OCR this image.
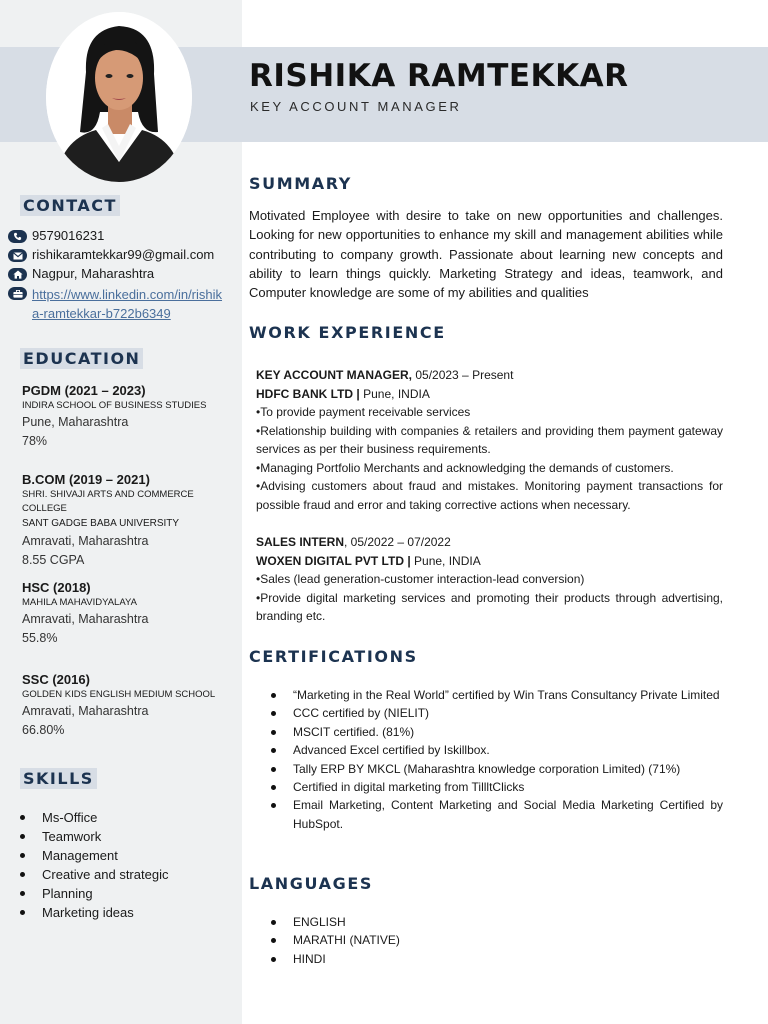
RISHIKA RAMTEKKAR
KEY ACCOUNT MANAGER
CONTACT
9579016231
rishikaramtekkar99@gmail.com
Nagpur, Maharashtra
https://www.linkedin.com/in/rishika-ramtekkar-b722b6349
EDUCATION
PGDM (2021 – 2023)
INDIRA SCHOOL OF BUSINESS STUDIES
Pune, Maharashtra
78%
B.COM (2019 – 2021)
SHRI. SHIVAJI ARTS AND COMMERCE COLLEGE
SANT GADGE BABA UNIVERSITY
Amravati, Maharashtra
8.55 CGPA
HSC (2018)
MAHILA MAHAVIDYALAYA
Amravati, Maharashtra
55.8%
SSC (2016)
GOLDEN KIDS ENGLISH MEDIUM SCHOOL
Amravati, Maharashtra
66.80%
SKILLS
Ms-Office
Teamwork
Management
Creative and strategic
Planning
Marketing ideas
SUMMARY
Motivated Employee with desire to take on new opportunities and challenges. Looking for new opportunities to enhance my skill and management abilities while contributing to company growth. Passionate about learning new concepts and ability to learn things quickly. Marketing Strategy and ideas, teamwork, and Computer knowledge are some of my abilities and qualities
WORK EXPERIENCE
KEY ACCOUNT MANAGER, 05/2023 – Present
HDFC BANK LTD | Pune, INDIA
•To provide payment receivable services
•Relationship building with companies & retailers and providing them payment gateway services as per their business requirements.
•Managing Portfolio Merchants and acknowledging the demands of customers.
•Advising customers about fraud and mistakes. Monitoring payment transactions for possible fraud and error and taking corrective actions when necessary.
SALES INTERN, 05/2022 – 07/2022
WOXEN DIGITAL PVT LTD | Pune, INDIA
•Sales (lead generation-customer interaction-lead conversion)
•Provide digital marketing services and promoting their products through advertising, branding etc.
CERTIFICATIONS
“Marketing in the Real World” certified by Win Trans Consultancy Private Limited
CCC certified by (NIELIT)
MSCIT certified. (81%)
Advanced Excel certified by Iskillbox.
Tally ERP BY MKCL (Maharashtra knowledge corporation Limited) (71%)
Certified in digital marketing from TillltClicks
Email Marketing, Content Marketing and Social Media Marketing Certified by HubSpot.
LANGUAGES
ENGLISH
MARATHI (NATIVE)
HINDI
